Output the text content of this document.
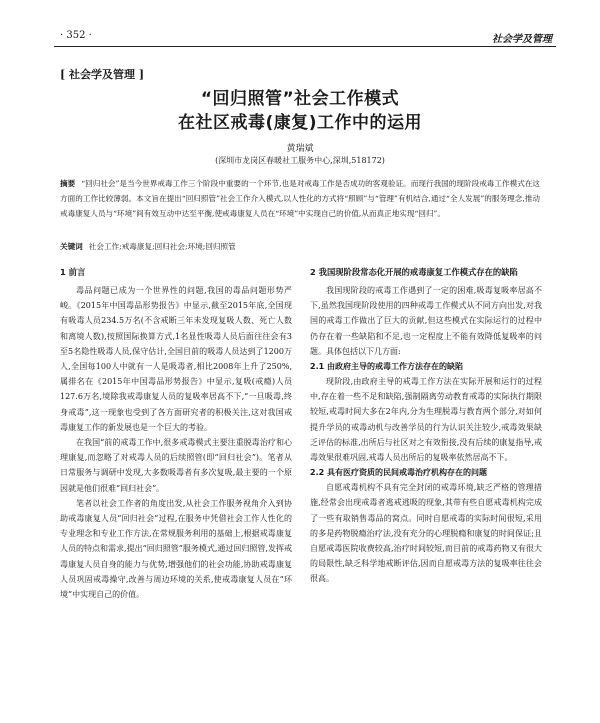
· 352 ·	社会学及管理
[ 社会学及管理 ]
“回归照管”社会工作模式
在社区戒毒(康复)工作中的运用
黄瑞斌
(深圳市龙岗区春暖社工服务中心,深圳,518172)
摘要 “回归社会”是当今世界戒毒工作三个阶段中重要的一个环节,也是对戒毒工作是否成功的客观验证。而现行我国的现阶段戒毒工作模式在这方面的工作比较薄弱。本文旨在提出“回归照管”社会工作介入模式,以人性化的方式将“照顾”与“管理”有机结合,通过“全人发展”的服务理念,推动戒毒康复人员与“环境”间有效互动中达至平衡,使戒毒康复人员在“环境”中实现自己的价值,从而真正地实现“回归”。
关键词 社会工作;戒毒康复;回归社会;环境;回归照管
1 前言

毒品问题已成为一个世界性的问题,我国的毒品问题形势严峻。《2015年中国毒品形势报告》中显示,截至2015年底,全国现有吸毒人员234.5万名(不含戒断三年未发现复吸人数、死亡人数和离境人数),按照国际换算方式,1名显性吸毒人员后面往往会有3至5名隐性吸毒人员,保守估计,全国目前的吸毒人员达到了1200万人,全国每100人中就有一人是吸毒者,相比2008年上升了250%,属排名在《2015年中国毒品形势报告》中显示,复吸(戒瘾)人员127.6万名,境除我戒毒康复人员的复吸率居高不下,“一旦吸毒,终身戒毒”,这一现象也受到了各方面研究者的积极关注,这对我国戒毒康复工作的新发展也是一个巨大的考验。

在我国“前的戒毒工作中,很多戒毒模式主要注重脱毒治疗和心理康复,而忽略了对戒毒人员的后续照管(即“回归社会”)。笔者从日常服务与调研中发现,大多数吸毒者有多次复吸,最主要的一个原因就是他们很难“回归社会”。

笔者以社会工作者的角度出发,从社会工作服务视角介入到协助戒毒康复人员“回归社会”过程,在服务中凭借社会工作人性化的专业理念和专业工作方法,在常规服务利用的基础上,根据戒毒康复人员的特点和需求,提出“回归照管”服务模式,通过回归照管,发挥戒毒康复人员自身的能力与优势,增强他们的社会功能,协助戒毒康复人员巩固戒毒操守,改善与周边环境的关系,使戒毒康复人员在“环境”中实现自己的价值。

2 我国现阶段常态化开展的戒毒康复工作模式存在的缺陷

我国现阶段的戒毒工作遇到了一定的困难,吸毒复吸率居高不下,虽然我国现阶段使用的四种戒毒工作模式从不同方向出发,对我国的戒毒工作做出了巨大的贡献,但这些模式在实际运行的过程中仍存在着一些缺陷和不足,也一定程度上不能有效降低复吸率的问题。具体包括以下几方面:

2.1 由政府主导的戒毒工作方法存在的缺陷

现阶段,由政府主导的戒毒工作方法在实际开展和运行的过程中,存在着一些不足和缺陷,强制隔离劳动教育戒毒的实际执行期限较短,戒毒时间大多在2年内,分为生理脱毒与教育两个部分,对如何提升学员的戒毒动机与改善学员的行为认识关注较少,戒毒效果缺乏评估的标准,出所后与社区对之有效衔接,没有后续的康复指导,戒毒效果很难巩固,戒毒人员出所后的复吸率依然居高不下。

2.2 具有医疗资质的民间戒毒治疗机构存在的问题

自愿戒毒机构不具有完全封闭的戒毒环境,缺乏严格的管理措施,经常会出现戒毒者逃戒逃吸的现象,其带有些自愿戒毒机构完成了一些有取销售毒品的窝点。同时自愿戒毒的实际时间很短,采用的多是药物脱瘾治疗法,没有充分的心理脱瘾和康复的时间保证;且自愿戒毒医院收费较高,治疗时间较短,而目前的戒毒药物又有很大的局限性,缺乏科学地戒断评估,因而自愿戒毒方法的复吸率往往会很高。
